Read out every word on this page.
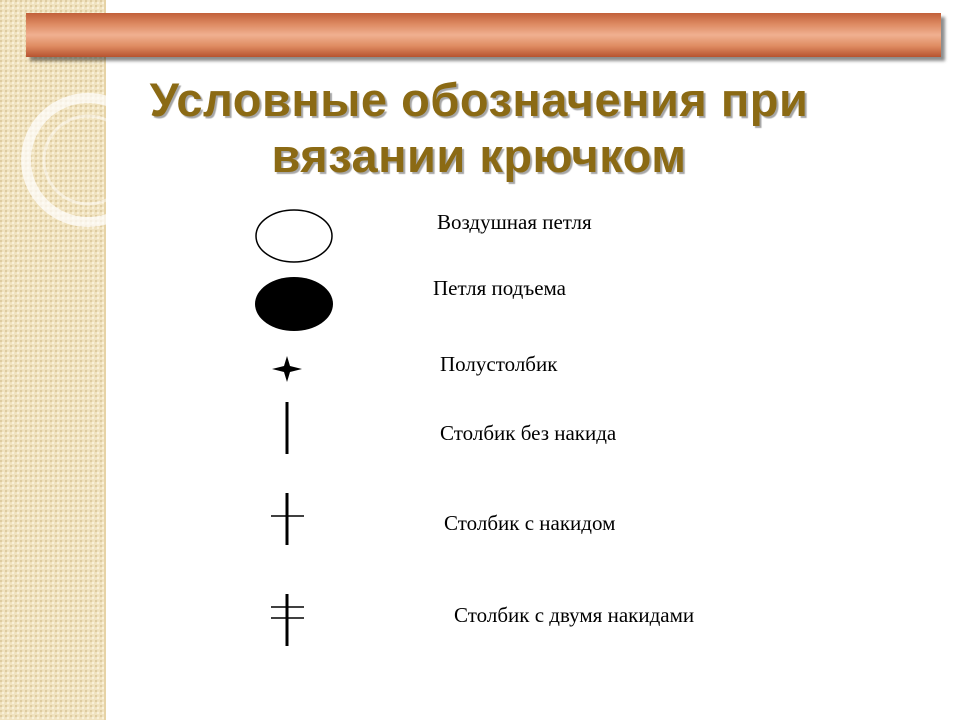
Условные обозначения при
вязании крючком
Воздушная петля
Петля подъема
Полустолбик
Столбик без накида
Столбик с накидом
Столбик с двумя накидами
